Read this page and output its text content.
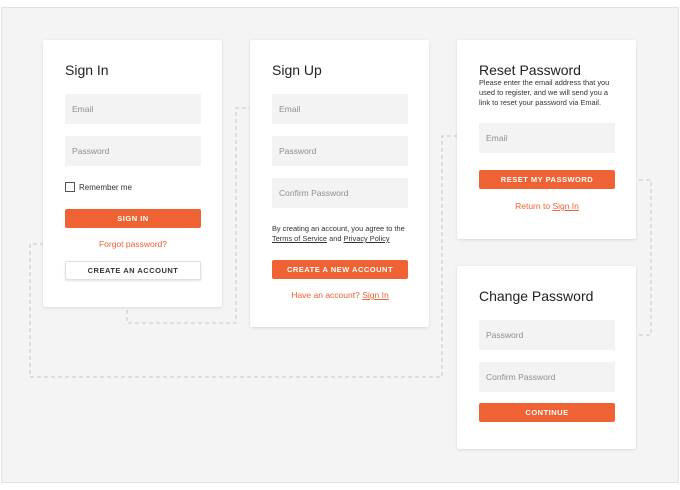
Sign In
Email
Remember me
SIGN IN
Forgot password?
CREATE AN ACCOUNT
Sign Up
Email
By creating an account, you agree to the
Terms of Service and Privacy Policy
CREATE A NEW ACCOUNT
Have an account? Sign In
Reset Password
Please enter the email address that you used to register, and we will send you a link to reset your password via Email.
Email
RESET MY PASSWORD
Return to Sign In
Change Password
CONTINUE
